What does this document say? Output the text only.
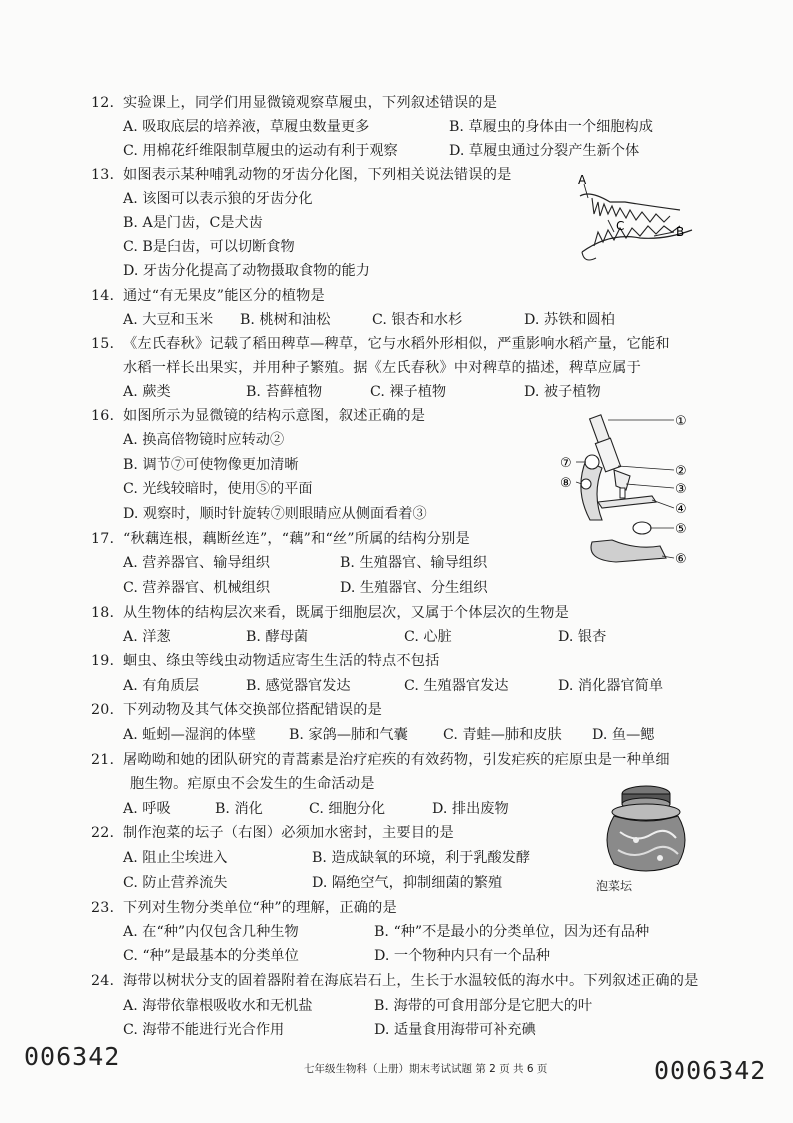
12. 实验课上，同学们用显微镜观察草履虫，下列叙述错误的是
A. 吸取底层的培养液，草履虫数量更多	B. 草履虫的身体由一个细胞构成
C. 用棉花纤维限制草履虫的运动有利于观察	D. 草履虫通过分裂产生新个体
13. 如图表示某种哺乳动物的牙齿分化图，下列相关说法错误的是
A. 该图可以表示狼的牙齿分化
B. A是门齿，C是犬齿
C. B是臼齿，可以切断食物
D. 牙齿分化提高了动物摄取食物的能力
A
C	B
14. 通过“有无果皮”能区分的植物是
A. 大豆和玉米 B. 桃树和油松	C. 银杏和水杉	D. 苏铁和圆柏
15. 《左氏春秋》记载了稻田稗草—稗草，它与水稻外形相似，严重影响水稻产量，它能和
水稻一样长出果实，并用种子繁殖。据《左氏春秋》中对稗草的描述，稗草应属于
A. 蕨类	B. 苔藓植物	C. 裸子植物	D. 被子植物
16. 如图所示为显微镜的结构示意图，叙述正确的是
A. 换高倍物镜时应转动②
B. 调节⑦可使物像更加清晰
C. 光线较暗时，使用⑤的平面
D. 观察时，顺时针旋转⑦则眼睛应从侧面看着③
①
②
③
④
⑤
⑥
⑦
⑧
17. “秋藕连根，藕断丝连”，“藕”和“丝”所属的结构分别是
A. 营养器官、输导组织	B. 生殖器官、输导组织
C. 营养器官、机械组织	D. 生殖器官、分生组织
18. 从生物体的结构层次来看，既属于细胞层次，又属于个体层次的生物是
A. 洋葱	B. 酵母菌	C. 心脏	D. 银杏
19. 蛔虫、绦虫等线虫动物适应寄生生活的特点不包括
A. 有角质层	B. 感觉器官发达	C. 生殖器官发达	D. 消化器官简单
20. 下列动物及其气体交换部位搭配错误的是
A. 蚯蚓—湿润的体壁 B. 家鸽—肺和气囊 C. 青蛙—肺和皮肤 D. 鱼—鳃
21. 屠呦呦和她的团队研究的青蒿素是治疗疟疾的有效药物，引发疟疾的疟原虫是一种单细
胞生物。疟原虫不会发生的生命活动是
A. 呼吸	B. 消化	C. 细胞分化	D. 排出废物
22. 制作泡菜的坛子（右图）必须加水密封，主要目的是
A. 阻止尘埃进入	B. 造成缺氧的环境，利于乳酸发酵
C. 防止营养流失	D. 隔绝空气，抑制细菌的繁殖	泡菜坛
23. 下列对生物分类单位“种”的理解，正确的是
A. 在“种”内仅包含几种生物	B. “种”不是最小的分类单位，因为还有品种
C. “种”是最基本的分类单位	D. 一个物种内只有一个品种
24. 海带以树状分支的固着器附着在海底岩石上，生长于水温较低的海水中。下列叙述正确的是
A. 海带依靠根吸收水和无机盐	B. 海带的可食用部分是它肥大的叶
C. 海带不能进行光合作用	D. 适量食用海带可补充碘
006342	七年级生物科（上册）期末考试试题 第 2 页 共 6 页	0006342
